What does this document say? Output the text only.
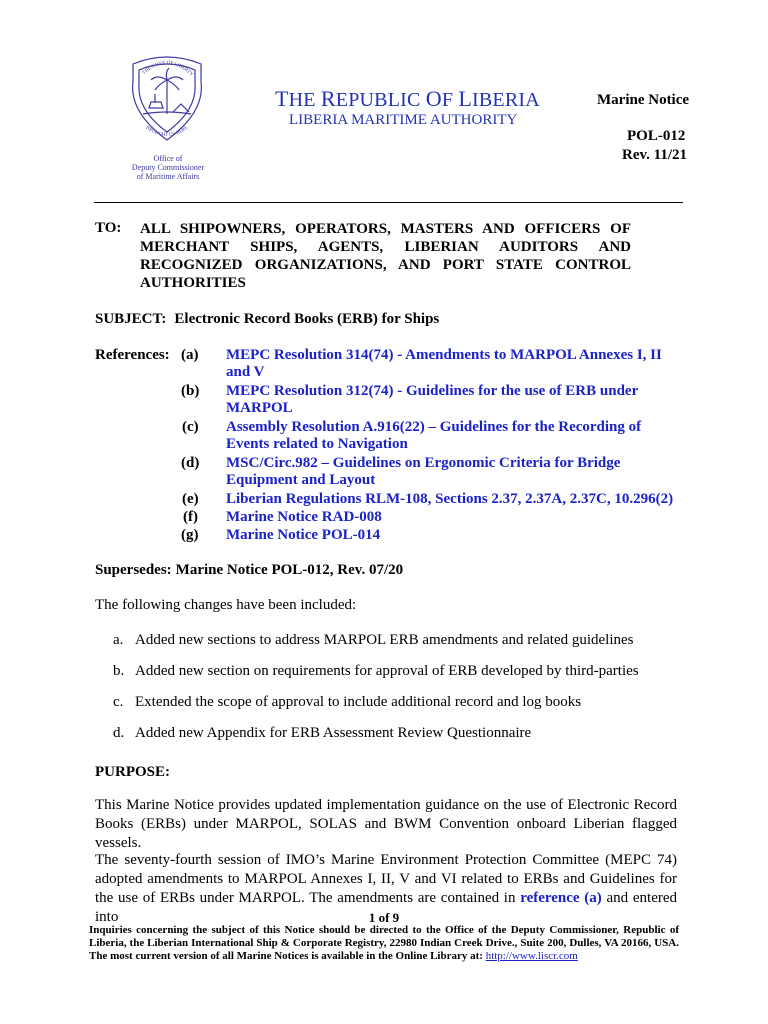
THE LOVE OF LIBERTY
BROUGHT US HERE
Office of
Deputy Commissioner
of Maritime Affairs
THE REPUBLIC OF LIBERIA
LIBERIA MARITIME AUTHORITY
Marine Notice
POL-012
Rev. 11/21
TO: ALL SHIPOWNERS, OPERATORS, MASTERS AND OFFICERS OF
MERCHANT SHIPS, AGENTS, LIBERIAN AUDITORS AND
RECOGNIZED ORGANIZATIONS, AND PORT STATE CONTROL
AUTHORITIES
SUBJECT: Electronic Record Books (ERB) for Ships
References: (a) MEPC Resolution 314(74) - Amendments to MARPOL Annexes I, II and V
(b) MEPC Resolution 312(74) - Guidelines for the use of ERB under MARPOL
(c) Assembly Resolution A.916(22) – Guidelines for the Recording of Events related to Navigation
(d) MSC/Circ.982 – Guidelines on Ergonomic Criteria for Bridge Equipment and Layout
(e) Liberian Regulations RLM-108, Sections 2.37, 2.37A, 2.37C, 10.296(2)
(f) Marine Notice RAD-008
(g) Marine Notice POL-014
Supersedes: Marine Notice POL-012, Rev. 07/20
The following changes have been included:
a. Added new sections to address MARPOL ERB amendments and related guidelines
b. Added new section on requirements for approval of ERB developed by third-parties
c. Extended the scope of approval to include additional record and log books
d. Added new Appendix for ERB Assessment Review Questionnaire
PURPOSE:
This Marine Notice provides updated implementation guidance on the use of Electronic Record Books (ERBs) under MARPOL, SOLAS and BWM Convention onboard Liberian flagged vessels.
The seventy-fourth session of IMO’s Marine Environment Protection Committee (MEPC 74) adopted amendments to MARPOL Annexes I, II, V and VI related to ERBs and Guidelines for the use of ERBs under MARPOL. The amendments are contained in reference (a) and entered into	1 of 9
Inquiries concerning the subject of this Notice should be directed to the Office of the Deputy Commissioner, Republic of Liberia, the Liberian International Ship & Corporate Registry, 22980 Indian Creek Drive., Suite 200, Dulles, VA 20166, USA. The most current version of all Marine Notices is available in the Online Library at: http://www.liscr.com
